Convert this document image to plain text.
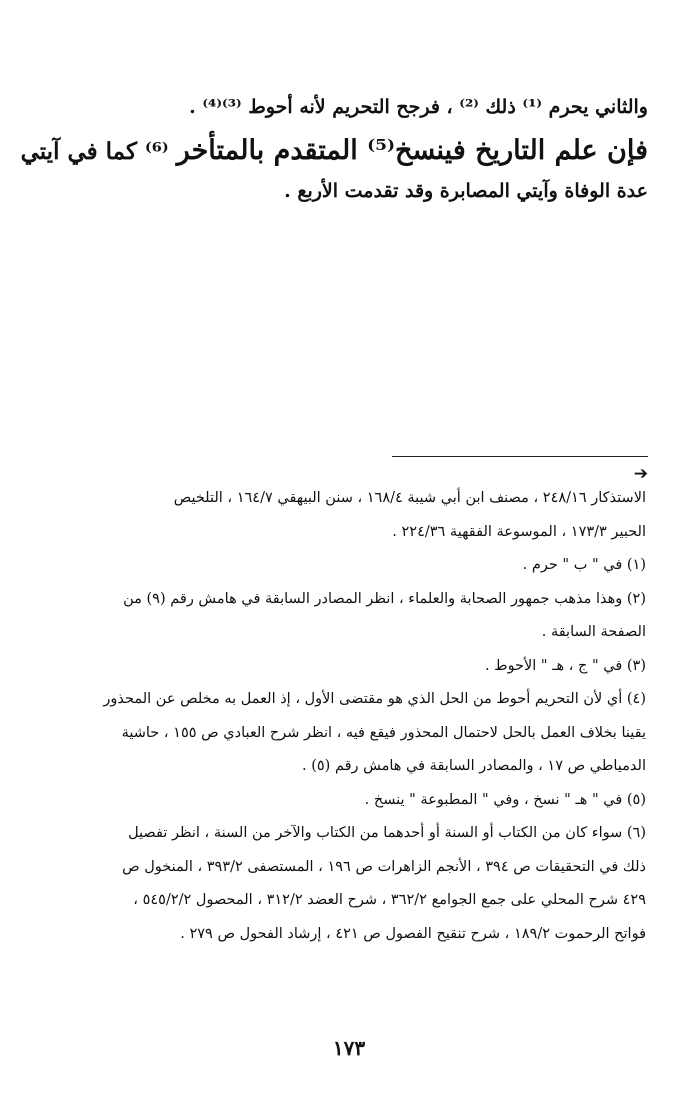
والثاني يحرم ⁽¹⁾ ذلك ⁽²⁾ ، فرجح التحريم لأنه أحوط ⁽³⁾⁽⁴⁾ .
فإن علم التاريخ فينسخ⁽⁵⁾ المتقدم بالمتأخر ⁽⁶⁾ كما في آيتي
عدة الوفاة وآيتي المصابرة وقد تقدمت الأربع .
➔
الاستذكار ٢٤٨/١٦ ، مصنف ابن أبي شيبة ١٦٨/٤ ، سنن البيهقي ١٦٤/٧ ، التلخيص
الحبير ١٧٣/٣ ، الموسوعة الفقهية ٢٢٤/٣٦ .
(١) في " ب " حرم .
(٢) وهذا مذهب جمهور الصحابة والعلماء ، انظر المصادر السابقة في هامش رقم (٩) من
الصفحة السابقة .
(٣) في " ج ، هـ " الأحوط .
(٤) أي لأن التحريم أحوط من الحل الذي هو مقتضى الأول ، إذ العمل به مخلص عن المحذور
يقينا بخلاف العمل بالحل لاحتمال المحذور فيقع فيه ، انظر شرح العبادي ص ١٥٥ ، حاشية
الدمياطي ص ١٧ ، والمصادر السابقة في هامش رقم (٥) .
(٥) في " هـ " نسخ ، وفي " المطبوعة " ينسخ .
(٦) سواء كان من الكتاب أو السنة أو أحدهما من الكتاب والآخر من السنة ، انظر تفصيل
ذلك في التحقيقات ص ٣٩٤ ، الأنجم الزاهرات ص ١٩٦ ، المستصفى ٣٩٣/٢ ، المنخول ص
٤٢٩ شرح المحلي على جمع الجوامع ٣٦٢/٢ ، شرح العضد ٣١٢/٢ ، المحصول ٥٤٥/٢/٢ ،
فواتح الرحموت ١٨٩/٢ ، شرح تنقيح الفصول ص ٤٢١ ، إرشاد الفحول ص ٢٧٩ .
١٧٣
